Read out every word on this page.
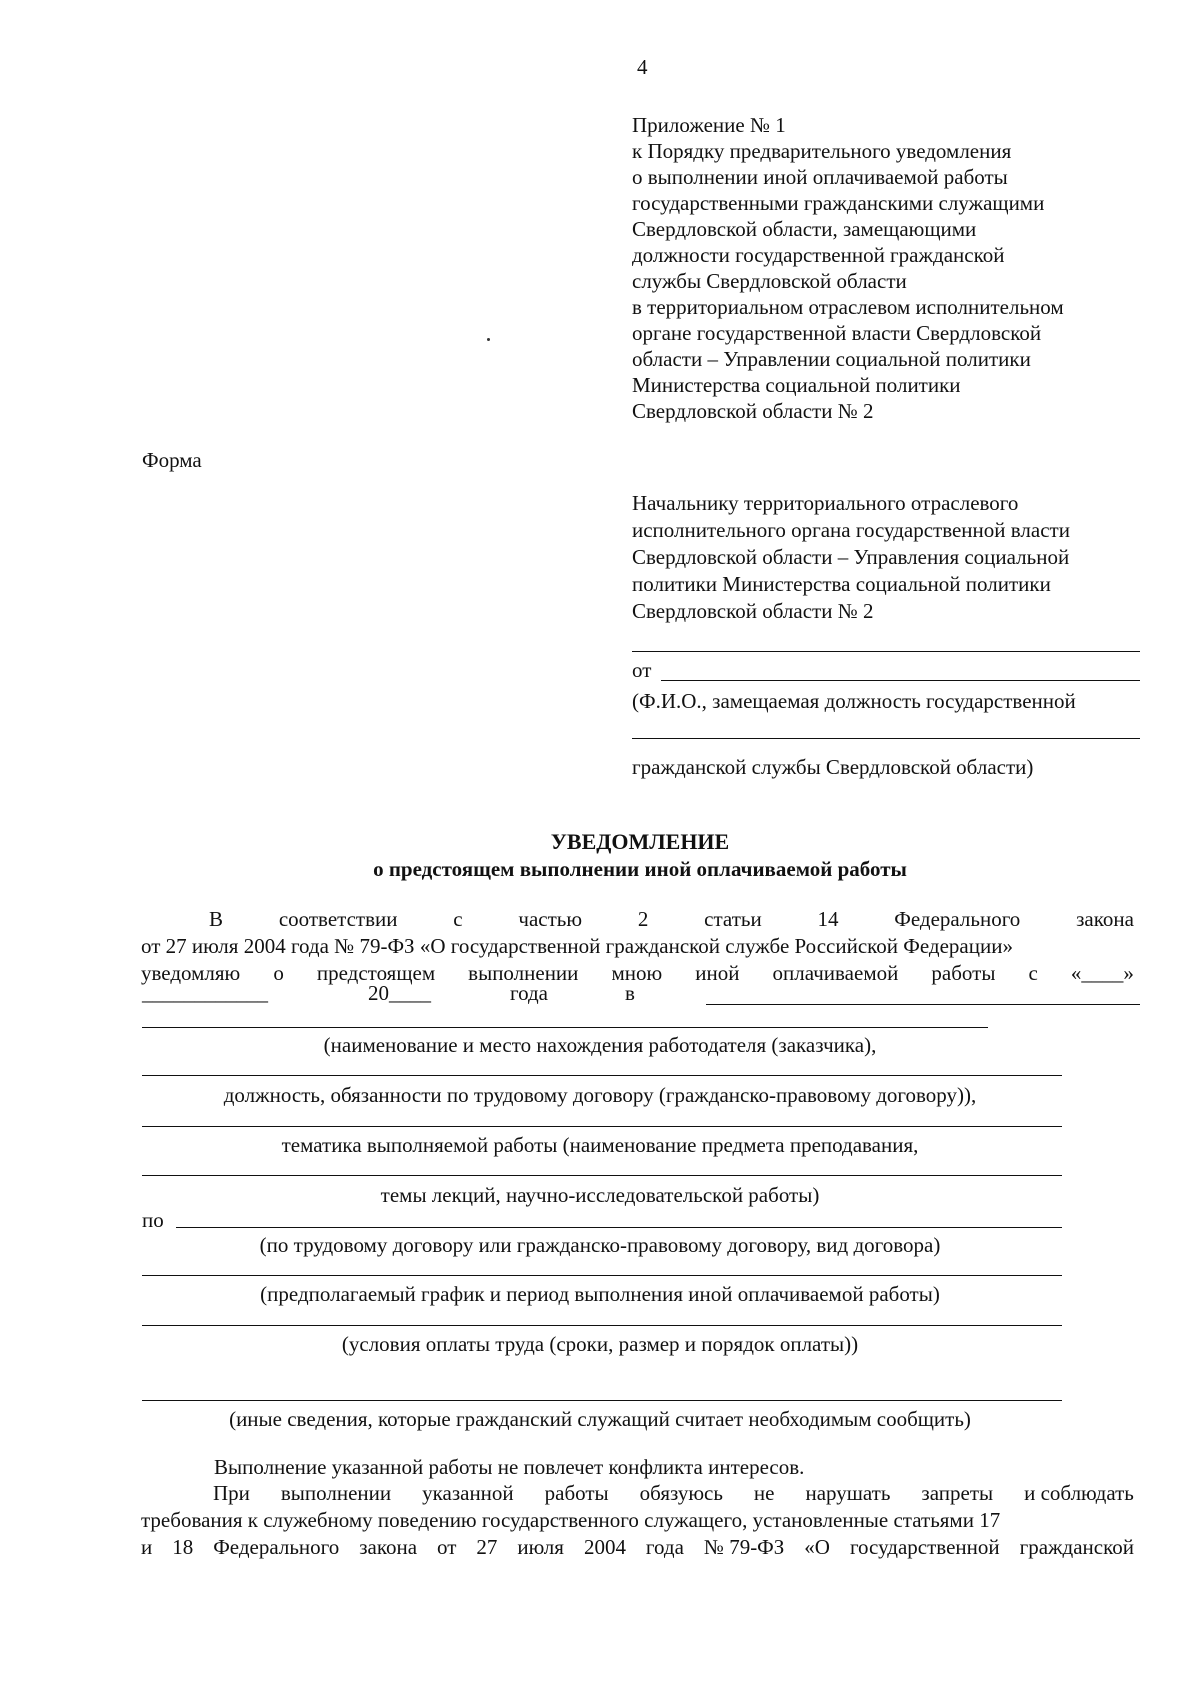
4
Приложение № 1
к Порядку предварительного уведомления
о выполнении иной оплачиваемой работы
государственными гражданскими служащими
Свердловской области, замещающими
должности государственной гражданской
службы Свердловской области
в территориальном отраслевом исполнительном
органе государственной власти Свердловской
области – Управлении социальной политики
Министерства социальной политики
Свердловской области № 2
Форма
Начальнику территориального отраслевого
исполнительного органа государственной власти
Свердловской области – Управления социальной
политики Министерства социальной политики
Свердловской области № 2
от
(Ф.И.О., замещаемая должность государственной
гражданской службы Свердловской области)
УВЕДОМЛЕНИЕ
о предстоящем выполнении иной оплачиваемой работы
В	соответствии	с	частью	2	статьи	14	Федерального	закона
от 27 июля 2004 года № 79-ФЗ «О государственной гражданской службе Российской Федерации»
уведомляю о предстоящем выполнении мною иной оплачиваемой работы с «____»
____________	20____	года	в
(наименование и место нахождения работодателя (заказчика),
должность, обязанности по трудовому договору (гражданско-правовому договору)),
тематика выполняемой работы (наименование предмета преподавания,
темы лекций, научно-исследовательской работы)
по
(по трудовому договору или гражданско-правовому договору, вид договора)
(предполагаемый график и период выполнения иной оплачиваемой работы)
(условия оплаты труда (сроки, размер и порядок оплаты))
(иные сведения, которые гражданский служащий считает необходимым сообщить)
Выполнение указанной работы не повлечет конфликта интересов.
При выполнении указанной работы обязуюсь не нарушать запреты и соблюдать
требования к служебному поведению государственного служащего, установленные статьями 17
и 18 Федерального закона от 27 июля 2004 года № 79-ФЗ «О государственной гражданской
